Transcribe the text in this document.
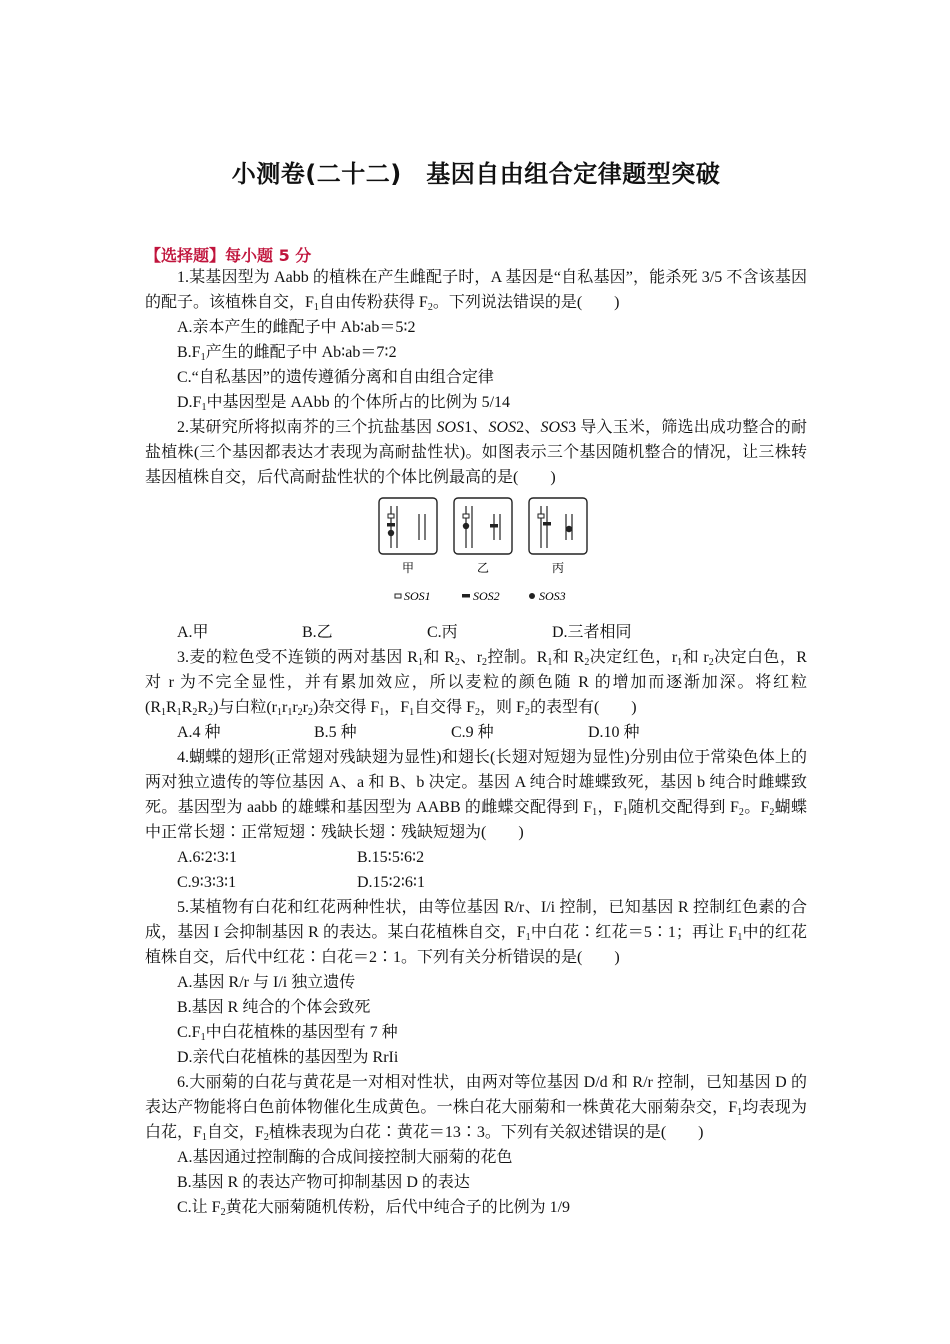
小测卷(二十二)　基因自由组合定律题型突破
【选择题】每小题 5 分

1.某基因型为 Aabb 的植株在产生雌配子时，A 基因是“自私基因”，能杀死 3/5 不含该基因的配子。该植株自交，$F_1$自由传粉获得 $F_2$。下列说法错误的是(　　)

A.亲本产生的雌配子中 Ab∶ab＝5∶2

$B.F_1$产生的雌配子中 Ab∶ab＝7∶2

C.“自私基因”的遗传遵循分离和自由组合定律

$D.F_1$中基因型是 AAbb 的个体所占的比例为 5/14

2.某研究所将拟南芥的三个抗盐基因 SOS1、SOS2、SOS3 导入玉米，筛选出成功整合的耐盐植株(三个基因都表达才表现为高耐盐性状)。如图表示三个基因随机整合的情况，让三株转基因植株自交，后代高耐盐性状的个体比例最高的是(　　)

甲	乙	丙
SOS1	SOS2	SOS3
A.甲	B.乙	C.丙	D.三者相同

3.麦的粒色受不连锁的两对基因 $R_1$和 $R_2$、$r_2$控制。$R_1$和 $R_2$决定红色，$r_1$和 $r_2$决定白色，R 对 r 为不完全显性，并有累加效应，所以麦粒的颜色随 R 的增加而逐渐加深。将红粒$(R_1R_1R_2R_2)$与白粒$(r_1r_1r_2r_2)$杂交得 $F_1$，$F_1$自交得 $F_2$，则 $F_2$的表型有(　　)

A.4 种	B.5 种	C.9 种	D.10 种

4.蝴蝶的翅形(正常翅对残缺翅为显性)和翅长(长翅对短翅为显性)分别由位于常染色体上的两对独立遗传的等位基因 A、a 和 B、b 决定。基因 A 纯合时雄蝶致死，基因 b 纯合时雌蝶致死。基因型为 aabb 的雄蝶和基因型为 AABB 的雌蝶交配得到 $F_1$，$F_1$随机交配得到 $F_2$。$F_2$蝴蝶中正常长翅∶正常短翅∶残缺长翅∶残缺短翅为(　　)

A.6∶2∶3∶1	B.15∶5∶6∶2
C.9∶3∶3∶1	D.15∶2∶6∶1

5.某植物有白花和红花两种性状，由等位基因 R/r、I/i 控制，已知基因 R 控制红色素的合成，基因 I 会抑制基因 R 的表达。某白花植株自交，$F_1$中白花∶红花＝5∶1；再让 $F_1$中的红花植株自交，后代中红花∶白花＝2∶1。下列有关分析错误的是(　　)

A.基因 R/r 与 I/i 独立遗传

B.基因 R 纯合的个体会致死

$C.F_1$中白花植株的基因型有 7 种

D.亲代白花植株的基因型为 RrIi

6.大丽菊的白花与黄花是一对相对性状，由两对等位基因 D/d 和 R/r 控制，已知基因 D 的表达产物能将白色前体物催化生成黄色。一株白花大丽菊和一株黄花大丽菊杂交，$F_1$均表现为白花，$F_1$自交，$F_2$植株表现为白花∶黄花＝13∶3。下列有关叙述错误的是(　　)

A.基因通过控制酶的合成间接控制大丽菊的花色

B.基因 R 的表达产物可抑制基因 D 的表达

C.让 $F_2$黄花大丽菊随机传粉，后代中纯合子的比例为 1/9
